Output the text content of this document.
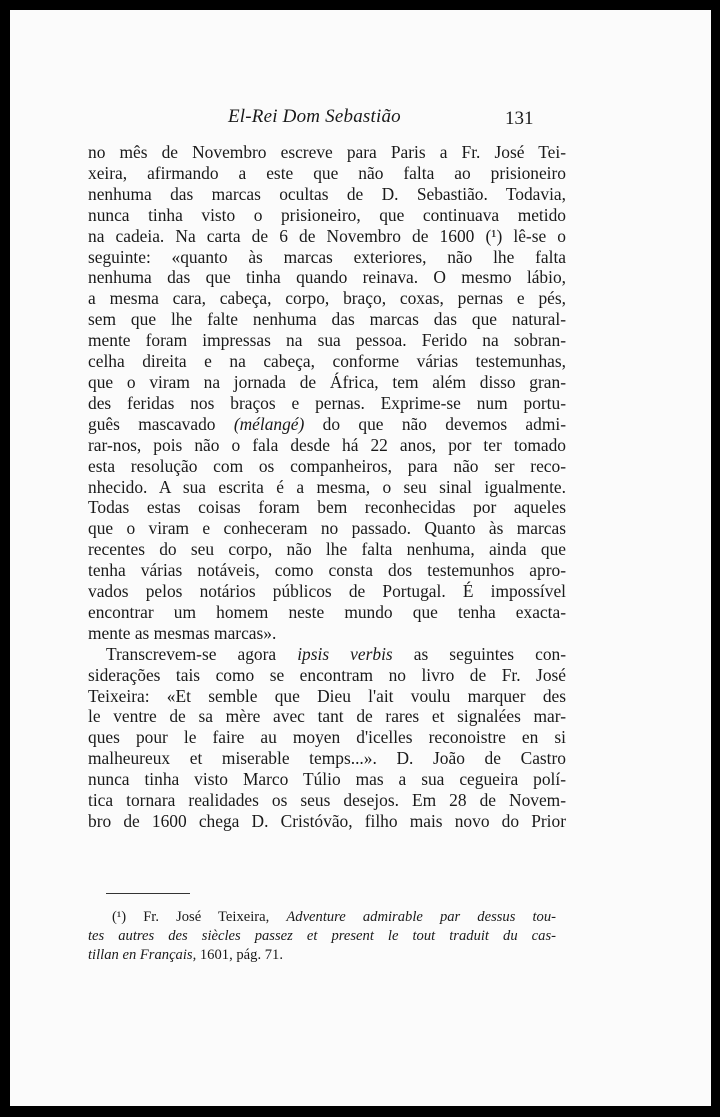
El-Rei Dom Sebastião	131

no mês de Novembro escreve para Paris a Fr. José Tei-
xeira, afirmando a este que não falta ao prisioneiro
nenhuma das marcas ocultas de D. Sebastião. Todavia,
nunca tinha visto o prisioneiro, que continuava metido
na cadeia. Na carta de 6 de Novembro de 1600 (¹) lê-se o
seguinte: «quanto às marcas exteriores, não lhe falta
nenhuma das que tinha quando reinava. O mesmo lábio,
a mesma cara, cabeça, corpo, braço, coxas, pernas e pés,
sem que lhe falte nenhuma das marcas das que natural-
mente foram impressas na sua pessoa. Ferido na sobran-
celha direita e na cabeça, conforme várias testemunhas,
que o viram na jornada de África, tem além disso gran-
des feridas nos braços e pernas. Exprime-se num portu-
guês mascavado (mélangé) do que não devemos admi-
rar-nos, pois não o fala desde há 22 anos, por ter tomado
esta resolução com os companheiros, para não ser reco-
nhecido. A sua escrita é a mesma, o seu sinal igualmente.
Todas estas coisas foram bem reconhecidas por aqueles
que o viram e conheceram no passado. Quanto às marcas
recentes do seu corpo, não lhe falta nenhuma, ainda que
tenha várias notáveis, como consta dos testemunhos apro-
vados pelos notários públicos de Portugal. É impossível
encontrar um homem neste mundo que tenha exacta-
mente as mesmas marcas».

Transcrevem-se agora ipsis verbis as seguintes con-
siderações tais como se encontram no livro de Fr. José
Teixeira: «Et semble que Dieu l'ait voulu marquer des
le ventre de sa mère avec tant de rares et signalées mar-
ques pour le faire au moyen d'icelles reconoistre en si
malheureux et miserable temps...». D. João de Castro
nunca tinha visto Marco Túlio mas a sua cegueira polí-
tica tornara realidades os seus desejos. Em 28 de Novem-
bro de 1600 chega D. Cristóvão, filho mais novo do Prior

(¹) Fr. José Teixeira, Adventure admirable par dessus tou-
tes autres des siècles passez et present le tout traduit du cas-
tillan en Français, 1601, pág. 71.
